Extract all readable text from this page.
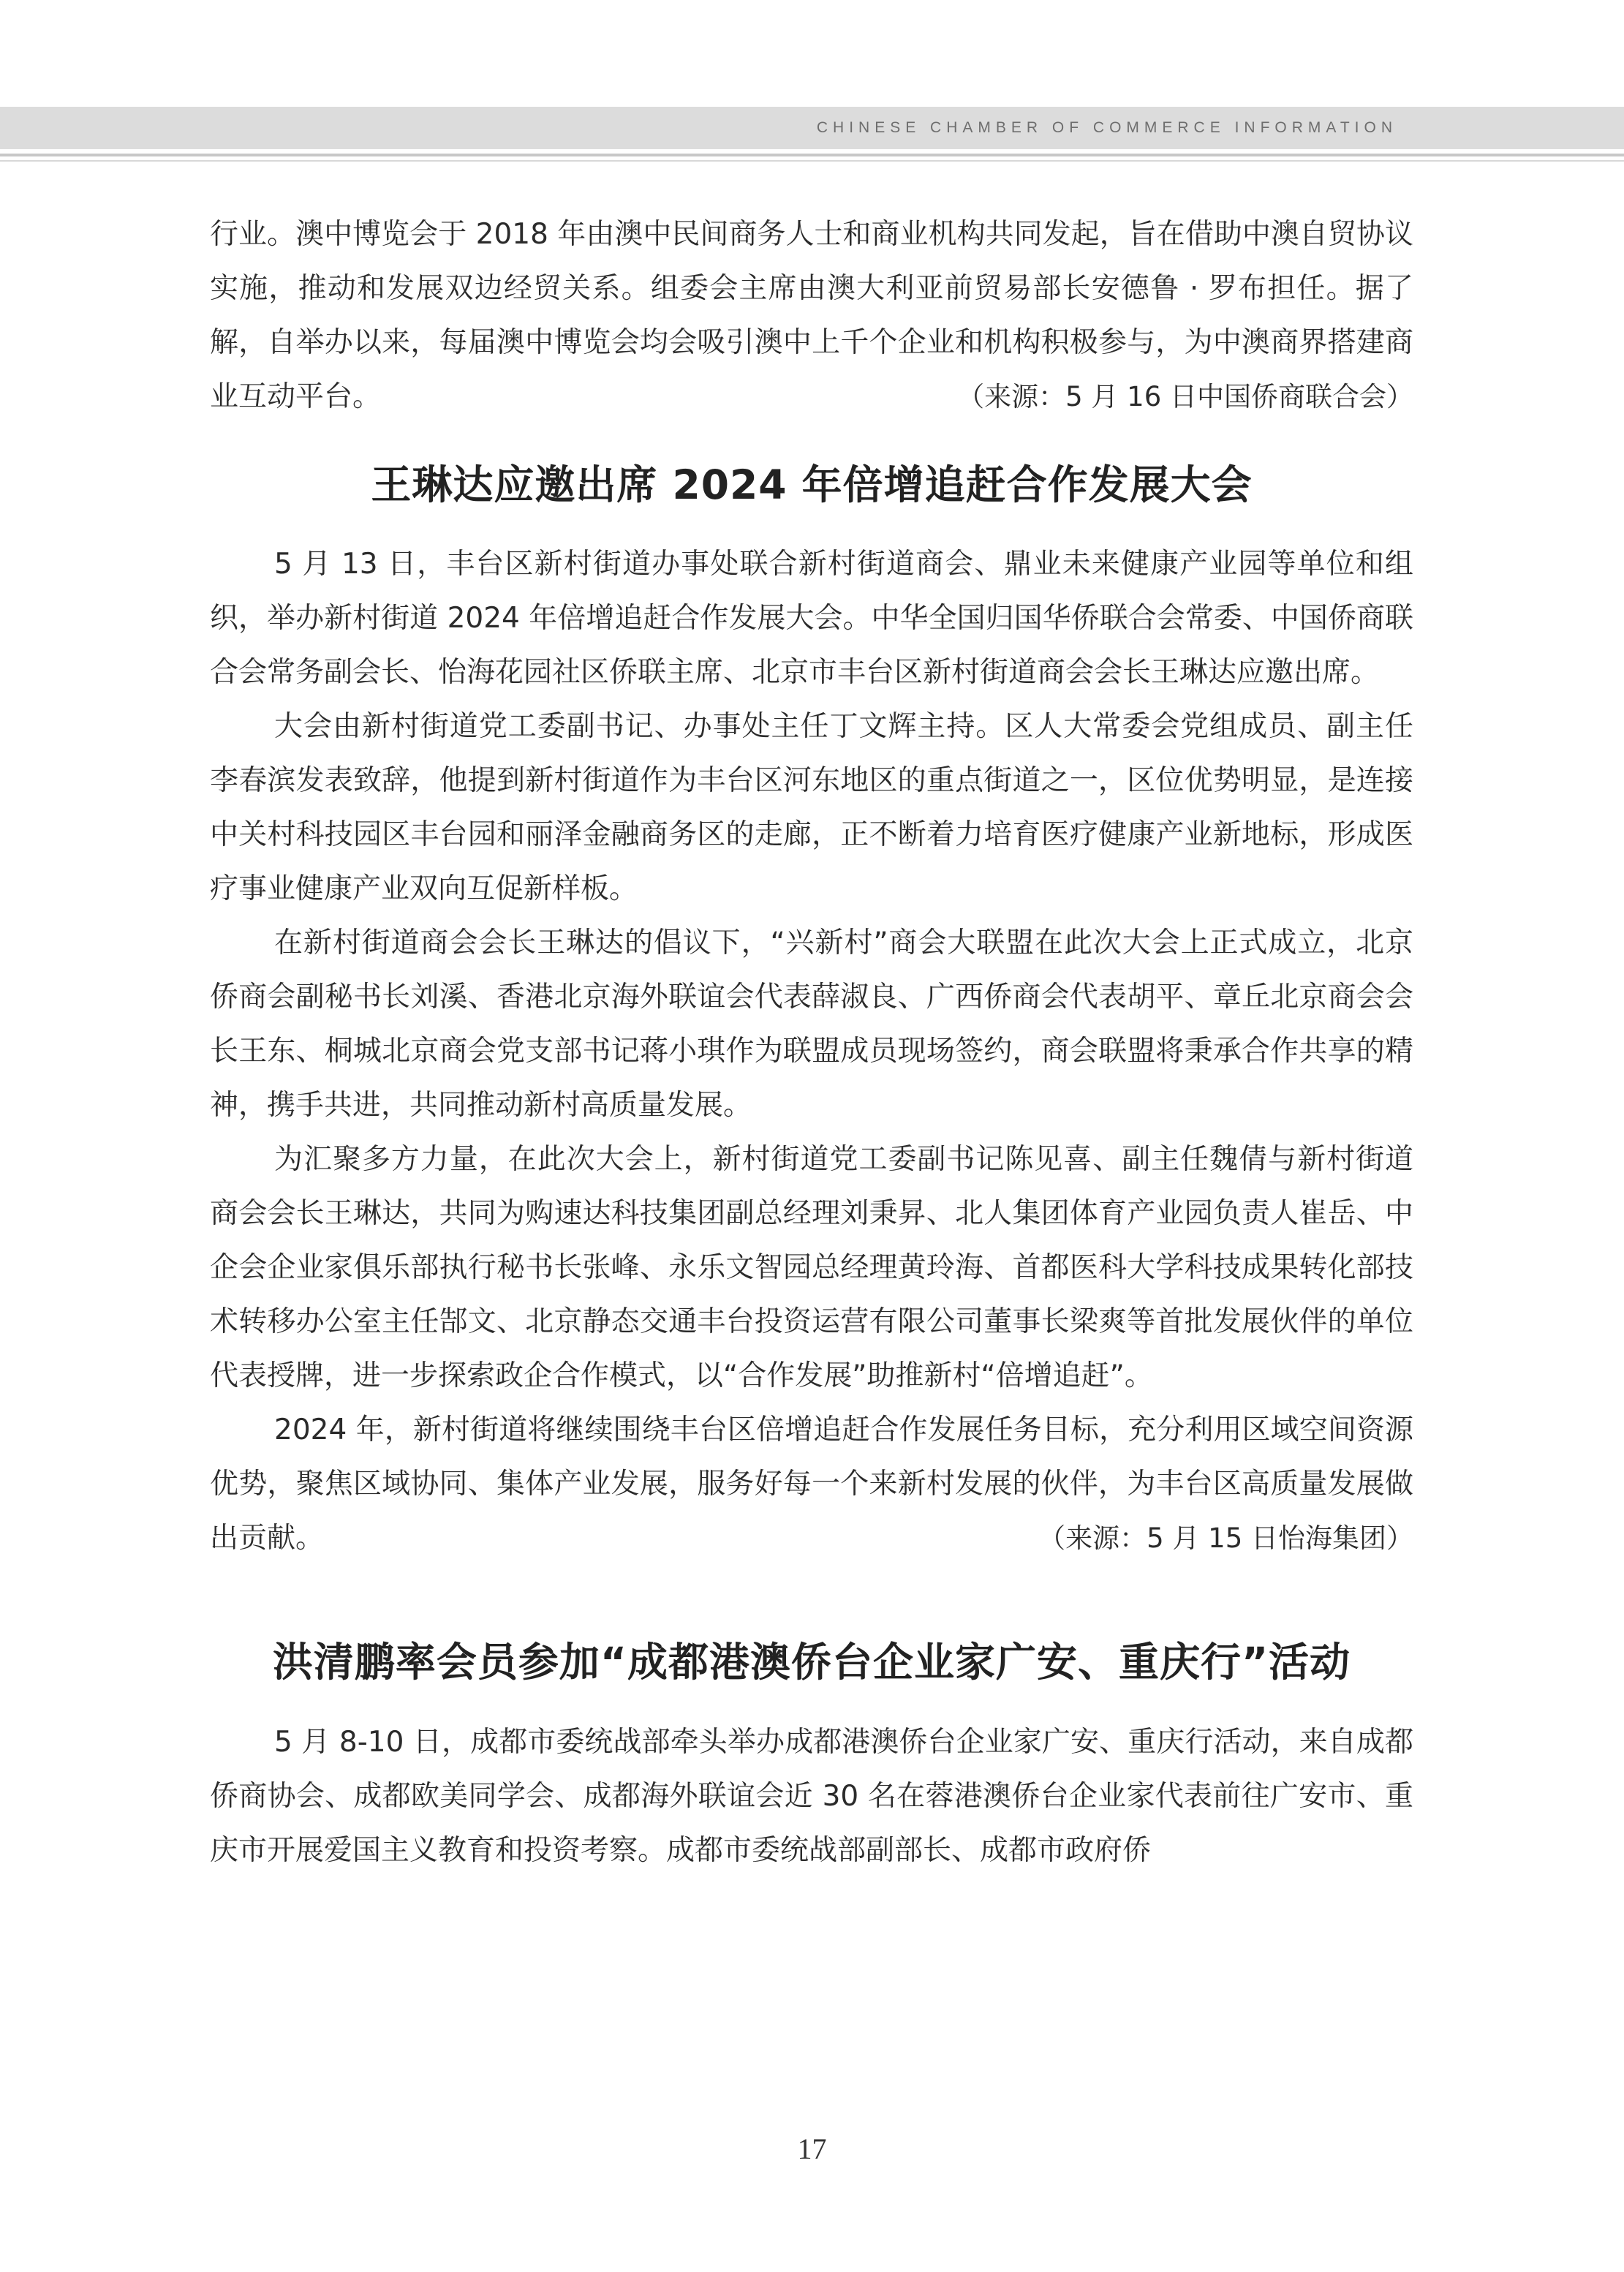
CHINESE CHAMBER OF COMMERCE INFORMATION

行业。澳中博览会于 2018 年由澳中民间商务人士和商业机构共同发起，旨在借助中澳自贸协议实施，推动和发展双边经贸关系。组委会主席由澳大利亚前贸易部长安德鲁 · 罗布担任。据了解，自举办以来，每届澳中博览会均会吸引澳中上千个企业和机构积极参与，为中澳商界搭建商业互动平台。	（来源：5 月 16 日中国侨商联合会）
王琳达应邀出席 2024 年倍增追赶合作发展大会

5 月 13 日，丰台区新村街道办事处联合新村街道商会、鼎业未来健康产业园等单位和组织，举办新村街道 2024 年倍增追赶合作发展大会。中华全国归国华侨联合会常委、中国侨商联合会常务副会长、怡海花园社区侨联主席、北京市丰台区新村街道商会会长王琳达应邀出席。

大会由新村街道党工委副书记、办事处主任丁文辉主持。区人大常委会党组成员、副主任李春滨发表致辞，他提到新村街道作为丰台区河东地区的重点街道之一，区位优势明显，是连接中关村科技园区丰台园和丽泽金融商务区的走廊，正不断着力培育医疗健康产业新地标，形成医疗事业健康产业双向互促新样板。

在新村街道商会会长王琳达的倡议下，“兴新村”商会大联盟在此次大会上正式成立，北京侨商会副秘书长刘溪、香港北京海外联谊会代表薛淑良、广西侨商会代表胡平、章丘北京商会会长王东、桐城北京商会党支部书记蒋小琪作为联盟成员现场签约，商会联盟将秉承合作共享的精神，携手共进，共同推动新村高质量发展。

为汇聚多方力量，在此次大会上，新村街道党工委副书记陈见喜、副主任魏倩与新村街道商会会长王琳达，共同为购速达科技集团副总经理刘秉昇、北人集团体育产业园负责人崔岳、中企会企业家俱乐部执行秘书长张峰、永乐文智园总经理黄玲海、首都医科大学科技成果转化部技术转移办公室主任郜文、北京静态交通丰台投资运营有限公司董事长梁爽等首批发展伙伴的单位代表授牌，进一步探索政企合作模式，以“合作发展”助推新村“倍增追赶”。

2024 年，新村街道将继续围绕丰台区倍增追赶合作发展任务目标，充分利用区域空间资源优势，聚焦区域协同、集体产业发展，服务好每一个来新村发展的伙伴，为丰台区高质量发展做出贡献。	（来源：5 月 15 日怡海集团）
洪清鹏率会员参加“成都港澳侨台企业家广安、重庆行”活动

5 月 8-10 日，成都市委统战部牵头举办成都港澳侨台企业家广安、重庆行活动，来自成都侨商协会、成都欧美同学会、成都海外联谊会近 30 名在蓉港澳侨台企业家代表前往广安市、重庆市开展爱国主义教育和投资考察。成都市委统战部副部长、成都市政府侨

17
